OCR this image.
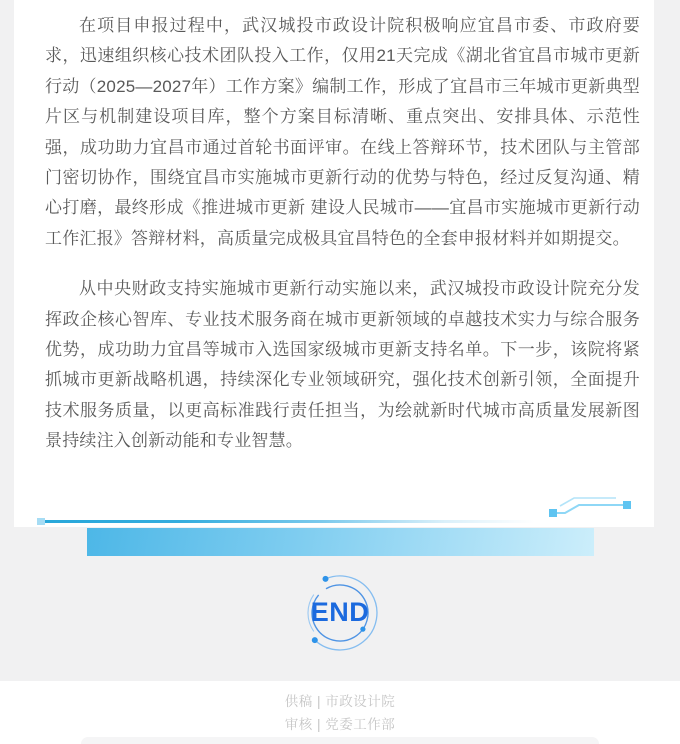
在项目申报过程中，武汉城投市政设计院积极响应宜昌市委、市政府要求，迅速组织核心技术团队投入工作，仅用21天完成《湖北省宜昌市城市更新行动（2025—2027年）工作方案》编制工作，形成了宜昌市三年城市更新典型片区与机制建设项目库，整个方案目标清晰、重点突出、安排具体、示范性强，成功助力宜昌市通过首轮书面评审。在线上答辩环节，技术团队与主管部门密切协作，围绕宜昌市实施城市更新行动的优势与特色，经过反复沟通、精心打磨，最终形成《推进城市更新 建设人民城市——宜昌市实施城市更新行动工作汇报》答辩材料，高质量完成极具宜昌特色的全套申报材料并如期提交。

从中央财政支持实施城市更新行动实施以来，武汉城投市政设计院充分发挥政企核心智库、专业技术服务商在城市更新领域的卓越技术实力与综合服务优势，成功助力宜昌等城市入选国家级城市更新支持名单。下一步，该院将紧抓城市更新战略机遇，持续深化专业领域研究，强化技术创新引领，全面提升技术服务质量，以更高标准践行责任担当，为绘就新时代城市高质量发展新图景持续注入创新动能和专业智慧。

END
供稿 | 市政设计院
审核 | 党委工作部
